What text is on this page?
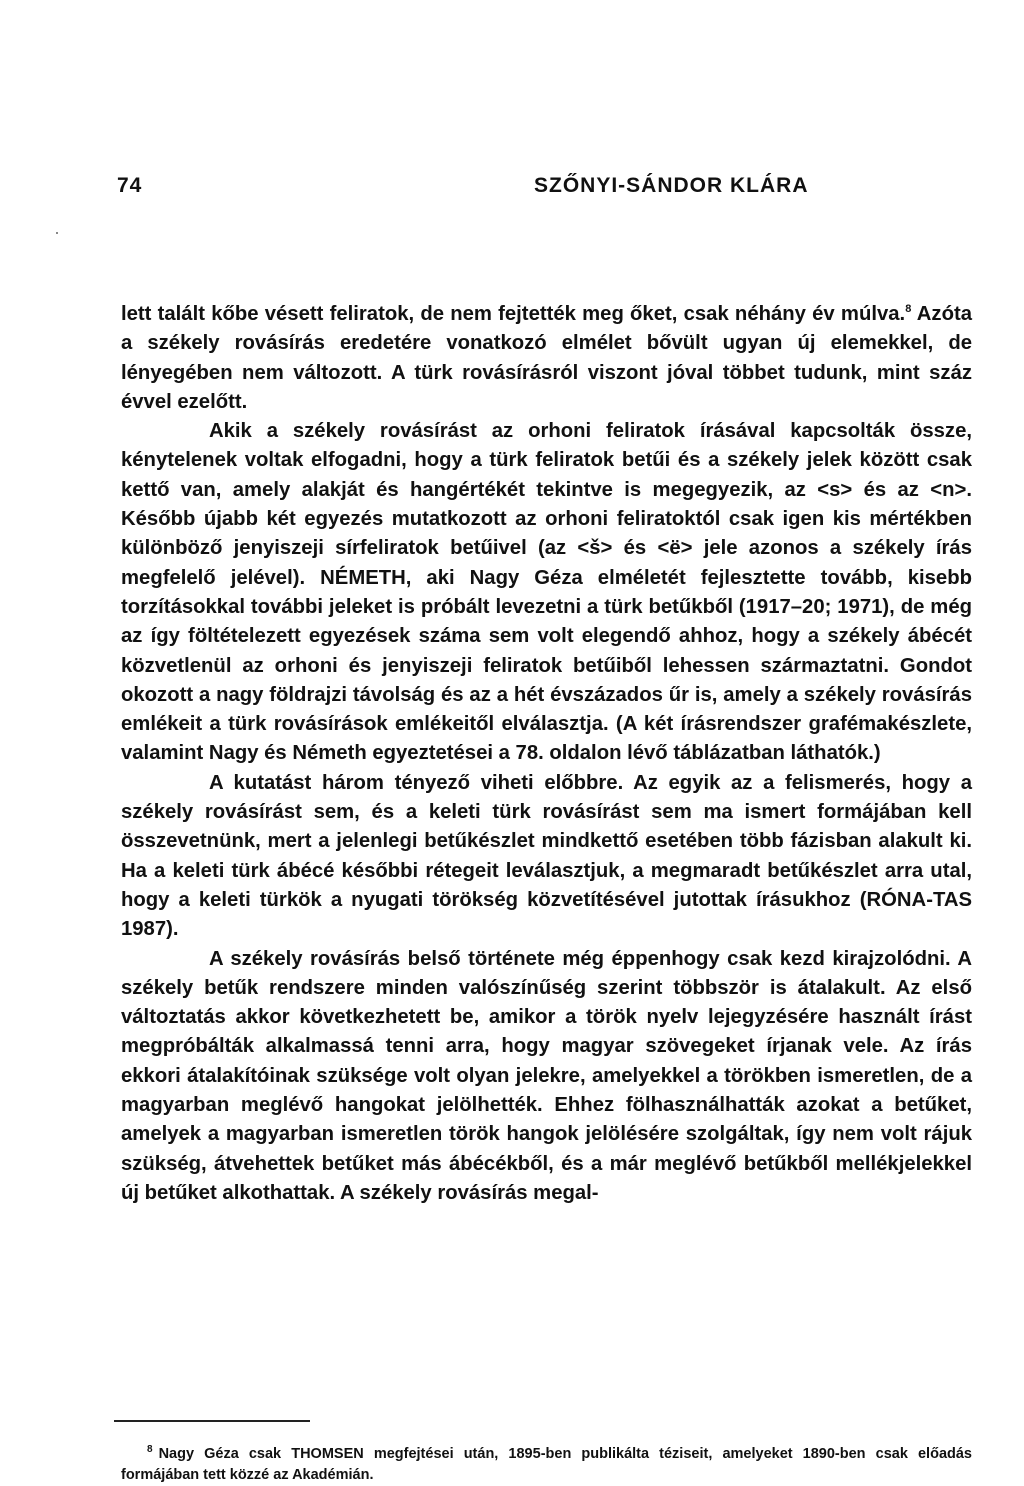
74	SZŐNYI-SÁNDOR KLÁRA

lett talált kőbe vésett feliratok, de nem fejtették meg őket, csak néhány év múlva.$^8$ Azóta a székely rovásírás eredetére vonatkozó elmélet bővült ugyan új elemekkel, de lényegében nem változott. A türk rovásírásról viszont jóval többet tudunk, mint száz évvel ezelőtt.

Akik a székely rovásírást az orhoni feliratok írásával kapcsolták össze, kénytelenek voltak elfogadni, hogy a türk feliratok betűi és a székely jelek között csak kettő van, amely alakját és hangértékét tekintve is megegyezik, az <s> és az <n>. Később újabb két egyezés mutatkozott az orhoni feliratoktól csak igen kis mértékben különböző jenyiszeji sírfeliratok betűivel (az <š> és <ë> jele azonos a székely írás megfelelő jelével). NÉMETH, aki Nagy Géza elméletét fejlesztette tovább, kisebb torzításokkal további jeleket is próbált levezetni a türk betűkből (1917–20; 1971), de még az így föltételezett egyezések száma sem volt elegendő ahhoz, hogy a székely ábécét közvetlenül az orhoni és jenyiszeji feliratok betűiből lehessen származtatni. Gondot okozott a nagy földrajzi távolság és az a hét évszázados űr is, amely a székely rovásírás emlékeit a türk rovásírások emlékeitől elválasztja. (A két írásrendszer grafémakészlete, valamint Nagy és Németh egyeztetései a 78. oldalon lévő táblázatban láthatók.)

A kutatást három tényező viheti előbbre. Az egyik az a felismerés, hogy a székely rovásírást sem, és a keleti türk rovásírást sem ma ismert formájában kell összevetnünk, mert a jelenlegi betűkészlet mindkettő esetében több fázisban alakult ki. Ha a keleti türk ábécé későbbi rétegeit leválasztjuk, a megmaradt betűkészlet arra utal, hogy a keleti türkök a nyugati törökség közvetítésével jutottak írásukhoz (RÓNA-TAS 1987).

A székely rovásírás belső története még éppenhogy csak kezd kirajzolódni. A székely betűk rendszere minden valószínűség szerint többször is átalakult. Az első változtatás akkor következhetett be, amikor a török nyelv lejegyzésére használt írást megpróbálták alkalmassá tenni arra, hogy magyar szövegeket írjanak vele. Az írás ekkori átalakítóinak szüksége volt olyan jelekre, amelyekkel a törökben ismeretlen, de a magyarban meglévő hangokat jelölhették. Ehhez fölhasználhatták azokat a betűket, amelyek a magyarban ismeretlen török hangok jelölésére szolgáltak, így nem volt rájuk szükség, átvehettek betűket más ábécékből, és a már meglévő betűkből mellékjelekkel új betűket alkothattak. A székely rovásírás megal-

$^8$ Nagy Géza csak THOMSEN megfejtései után, 1895-ben publikálta téziseit, amelyeket 1890-ben csak előadás formájában tett közzé az Akadémián.
